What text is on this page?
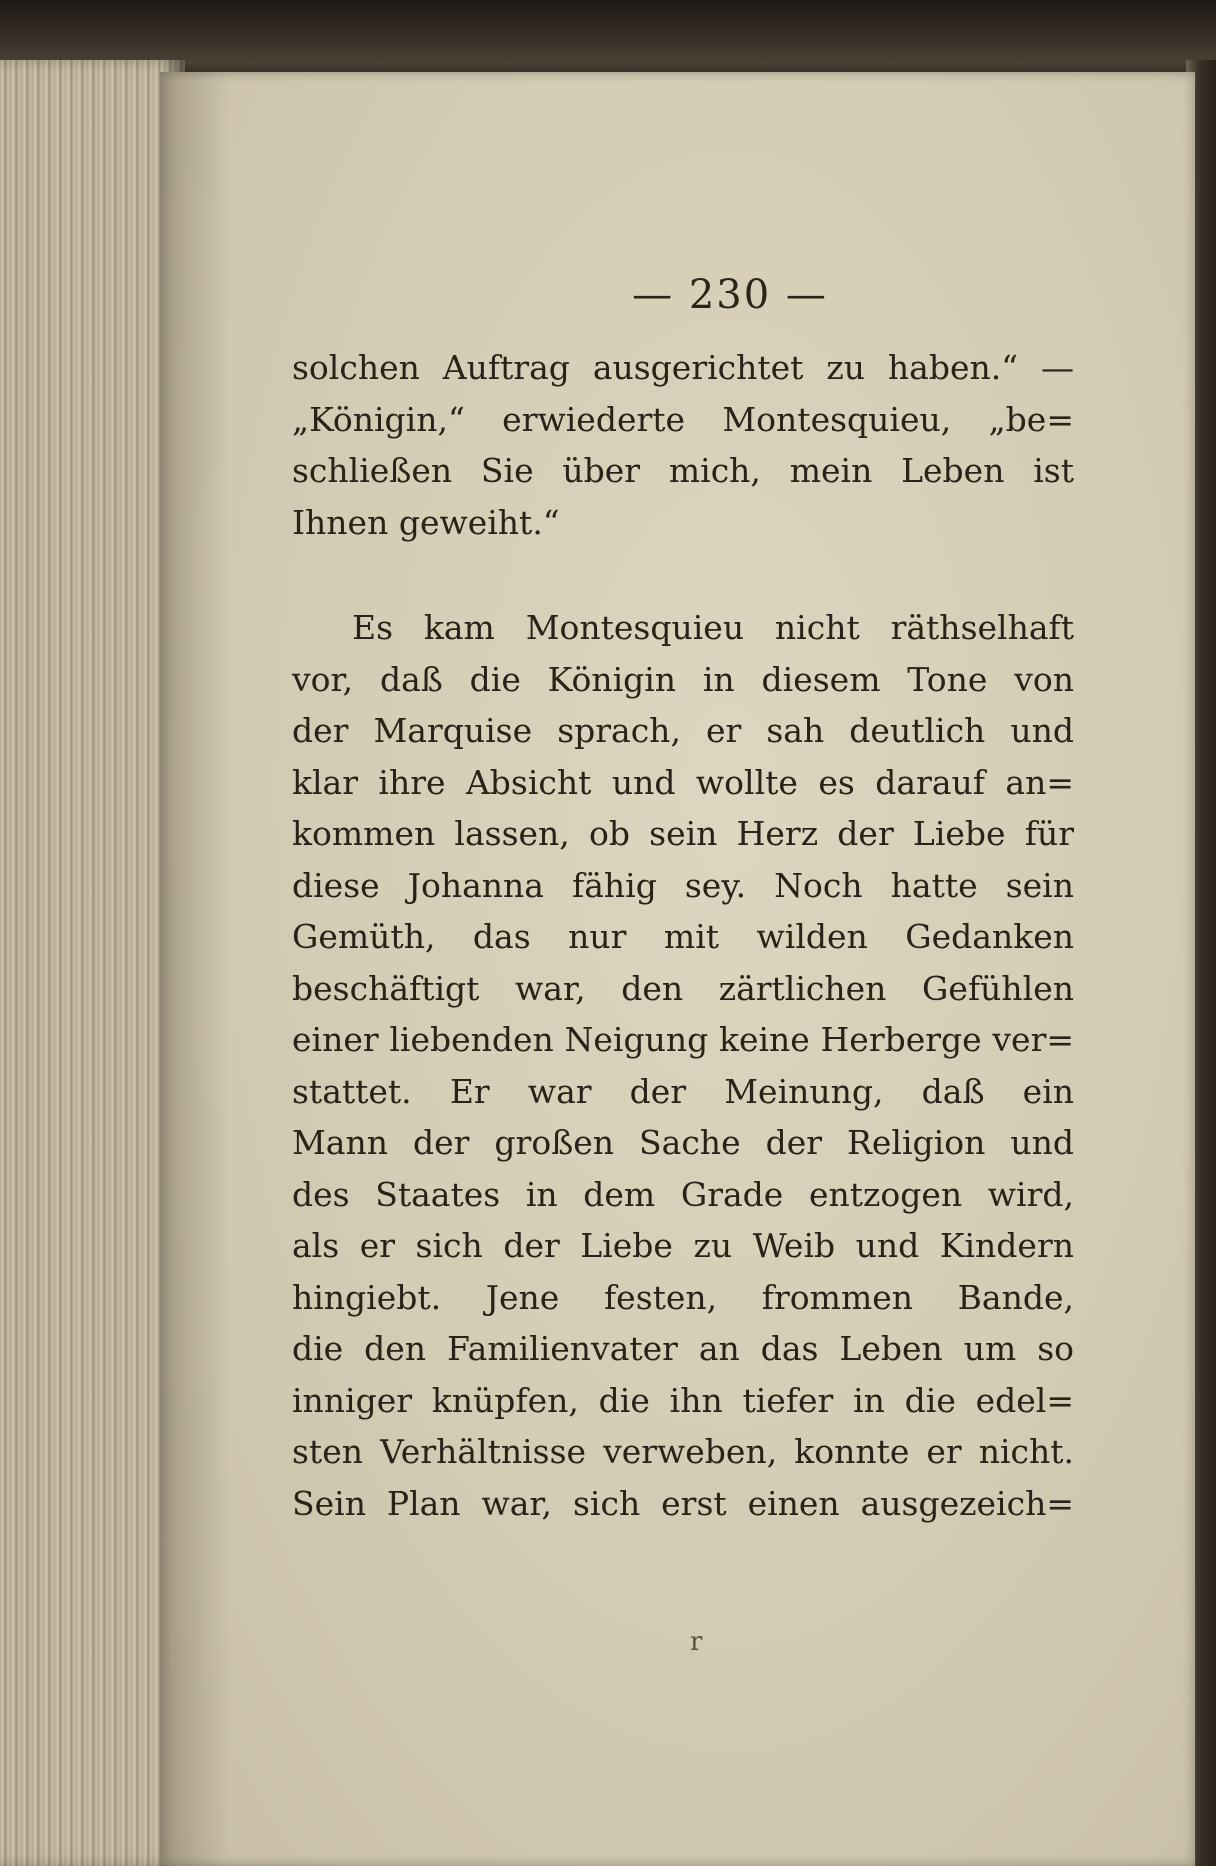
— 230 —
solchen Auftrag ausgerichtet zu haben.“ —
„Königin,“ erwiederte Montesquieu, „be=
schließen Sie über mich, mein Leben ist
Ihnen geweiht.“
Es kam Montesquieu nicht räthselhaft
vor, daß die Königin in diesem Tone von
der Marquise sprach, er sah deutlich und
klar ihre Absicht und wollte es darauf an=
kommen lassen, ob sein Herz der Liebe für
diese Johanna fähig sey. Noch hatte sein
Gemüth, das nur mit wilden Gedanken
beschäftigt war, den zärtlichen Gefühlen
einer liebenden Neigung keine Herberge ver=
stattet. Er war der Meinung, daß ein
Mann der großen Sache der Religion und
des Staates in dem Grade entzogen wird,
als er sich der Liebe zu Weib und Kindern
hingiebt. Jene festen, frommen Bande,
die den Familienvater an das Leben um so
inniger knüpfen, die ihn tiefer in die edel=
sten Verhältnisse verweben, konnte er nicht.
Sein Plan war, sich erst einen ausgezeich=
r
